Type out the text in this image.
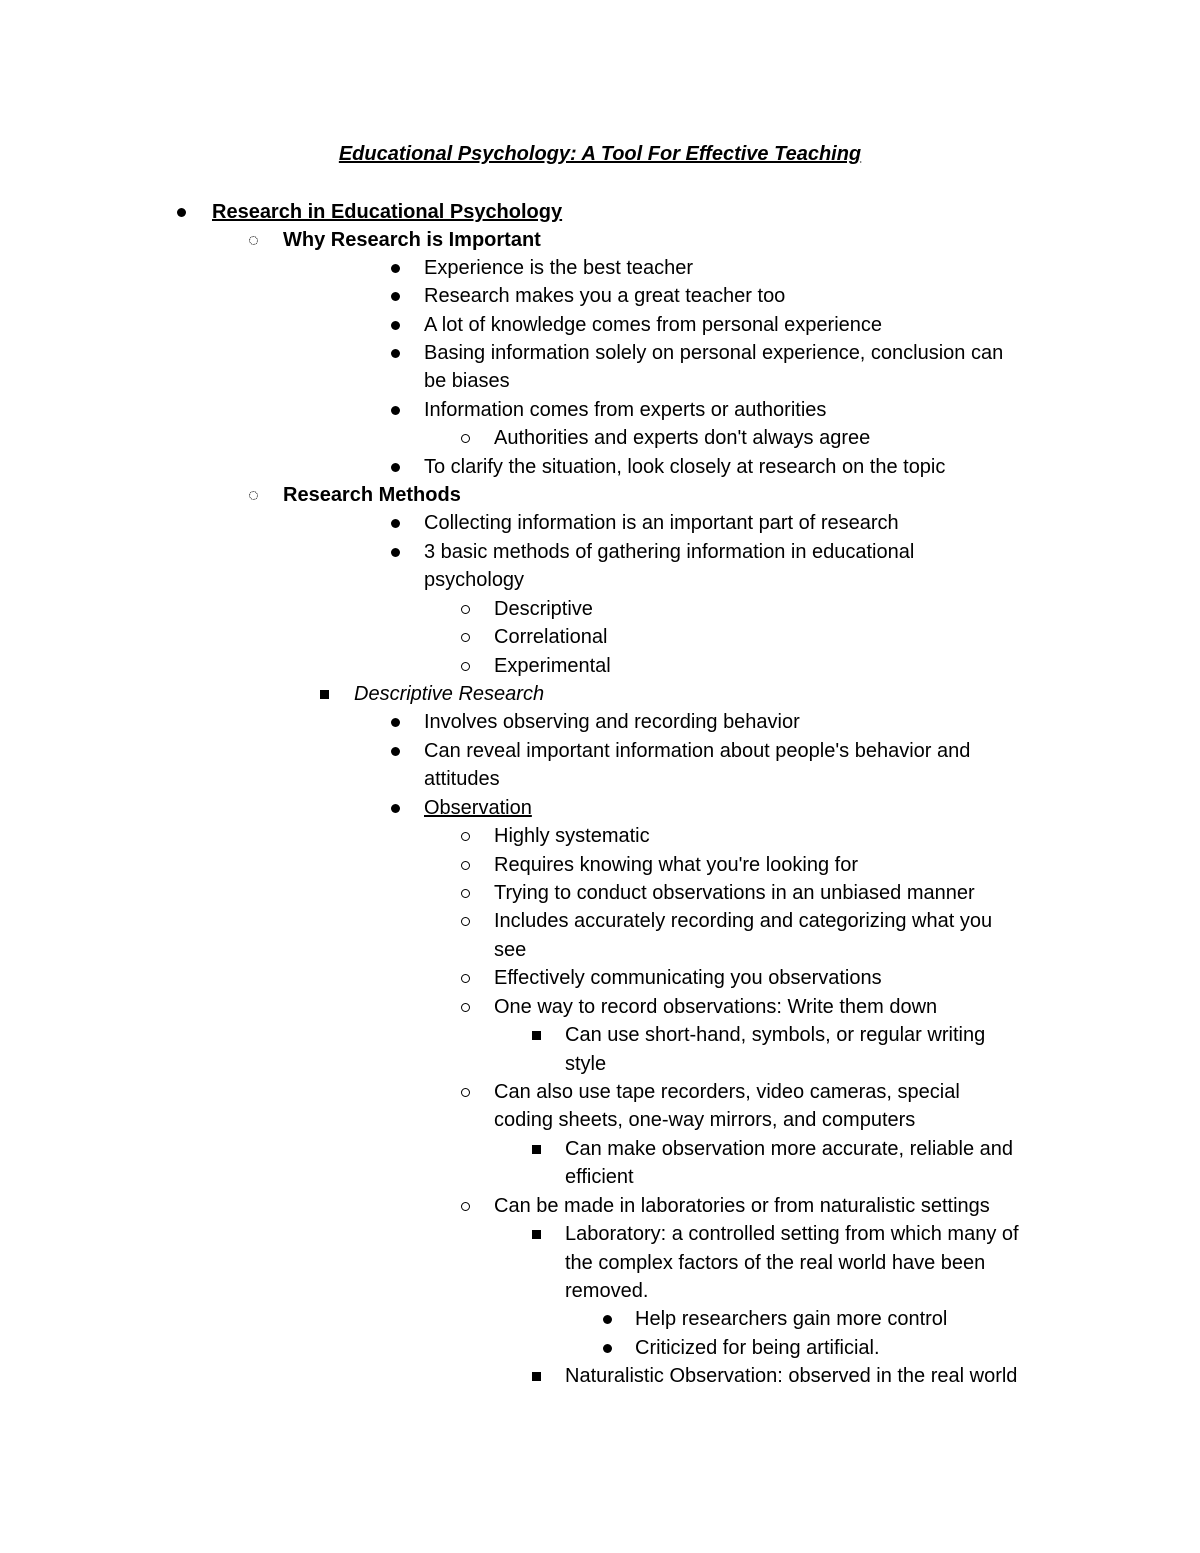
Educational Psychology: A Tool For Effective Teaching
Research in Educational Psychology
Why Research is Important
Experience is the best teacher
Research makes you a great teacher too
A lot of knowledge comes from personal experience
Basing information solely on personal experience, conclusion can
be biases
Information comes from experts or authorities
Authorities and experts don't always agree
To clarify the situation, look closely at research on the topic
Research Methods
Collecting information is an important part of research
3 basic methods of gathering information in educational
psychology
Descriptive
Correlational
Experimental
Descriptive Research
Involves observing and recording behavior
Can reveal important information about people's behavior and
attitudes
Observation
Highly systematic
Requires knowing what you're looking for
Trying to conduct observations in an unbiased manner
Includes accurately recording and categorizing what you
see
Effectively communicating you observations
One way to record observations: Write them down
Can use short-hand, symbols, or regular writing
style
Can also use tape recorders, video cameras, special
coding sheets, one-way mirrors, and computers
Can make observation more accurate, reliable and
efficient
Can be made in laboratories or from naturalistic settings
Laboratory: a controlled setting from which many of
the complex factors of the real world have been
removed.
Help researchers gain more control
Criticized for being artificial.
Naturalistic Observation: observed in the real world
